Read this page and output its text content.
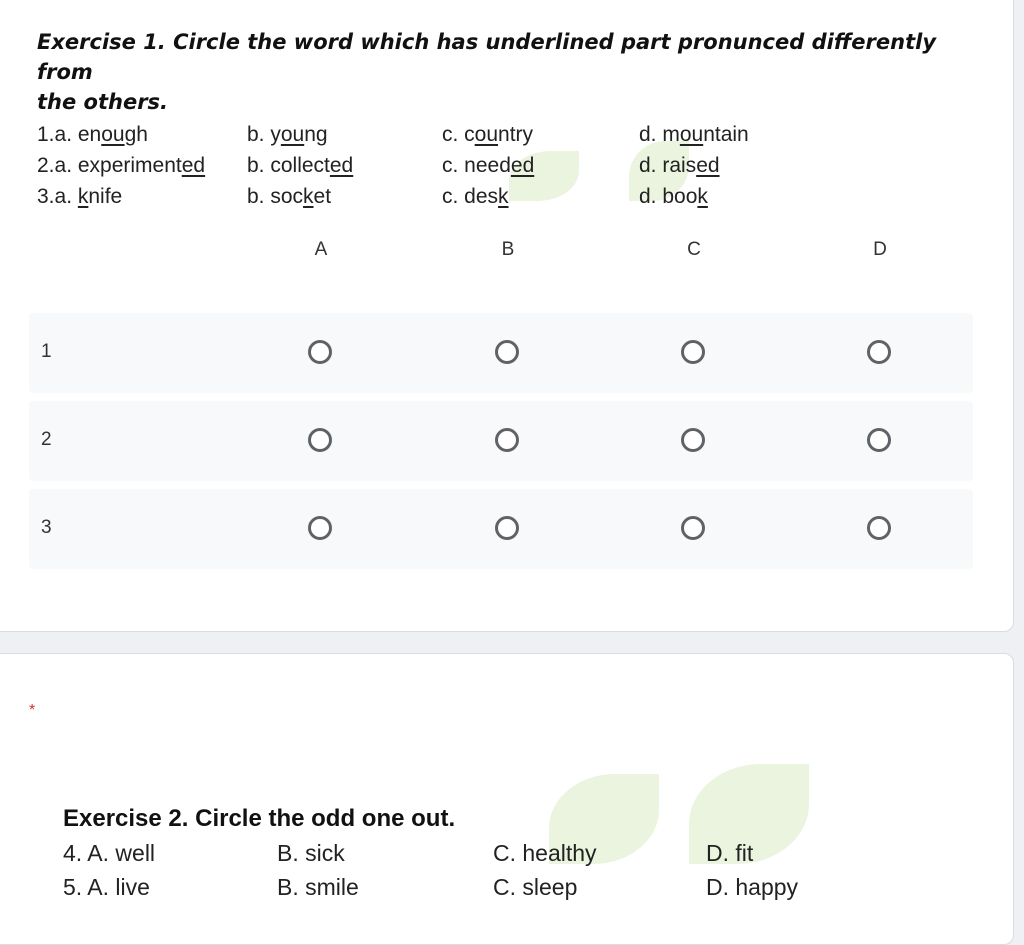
Exercise 1. Circle the word which has underlined part pronunced differently from
the others.

1.a. enough	b. young	c. country	d. mountain
2.a. experimented b. collected	c. needed	d. raised
3.a. knife	b. socket	c. desk	d. book
A	B	C	D
1
2
3
*

Exercise 2. Circle the odd one out.

4. A. well	B. sick	C. healthy	D. fit
5. A. live	B. smile	C. sleep	D. happy
